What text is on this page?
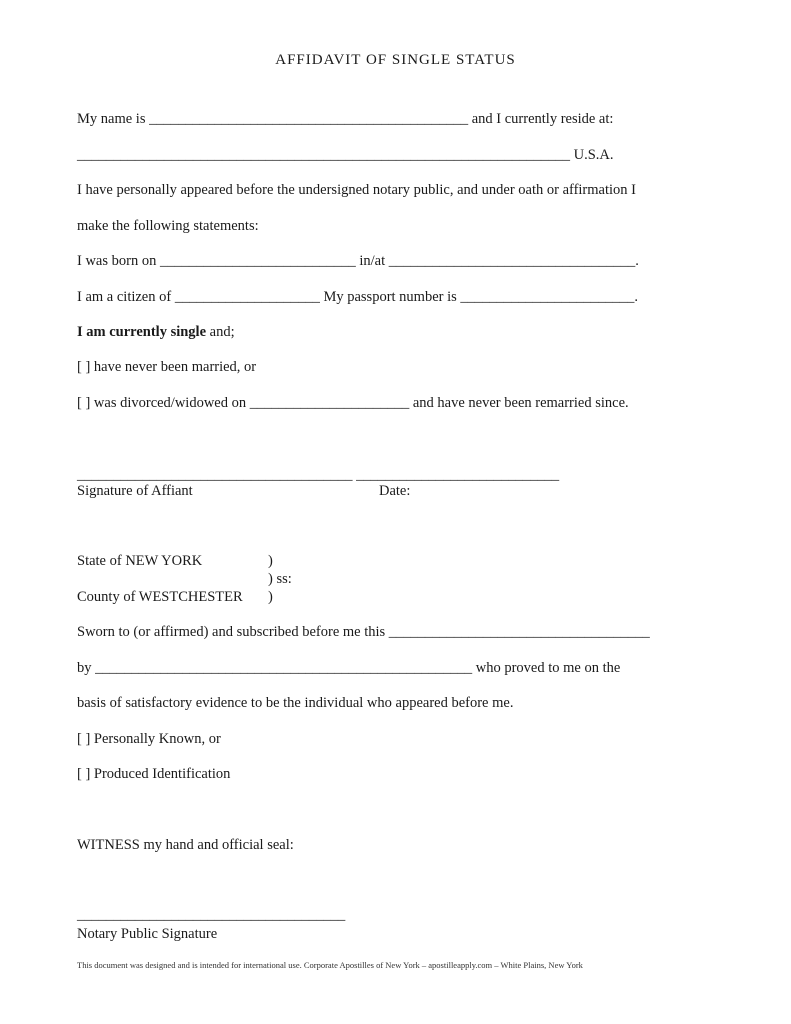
AFFIDAVIT OF SINGLE STATUS
My name is ____________________________________________ and I currently reside at:
____________________________________________________________________ U.S.A.
I have personally appeared before the undersigned notary public, and under oath or affirmation I
make the following statements:
I was born on ___________________________ in/at __________________________________.
I am a citizen of ____________________ My passport number is ________________________.
I am currently single and;
[ ] have never been married, or
[ ] was divorced/widowed on ______________________ and have never been remarried since.
______________________________________ ____________________________
Signature of Affiant	Date:
State of NEW YORK	)
) ss:
County of WESTCHESTER )
Sworn to (or affirmed) and subscribed before me this ____________________________________
by ____________________________________________________ who proved to me on the
basis of satisfactory evidence to be the individual who appeared before me.
[ ] Personally Known, or
[ ] Produced Identification
WITNESS my hand and official seal:
_____________________________________
Notary Public Signature
This document was designed and is intended for international use. Corporate Apostilles of New York – apostilleapply.com – White Plains, New York
